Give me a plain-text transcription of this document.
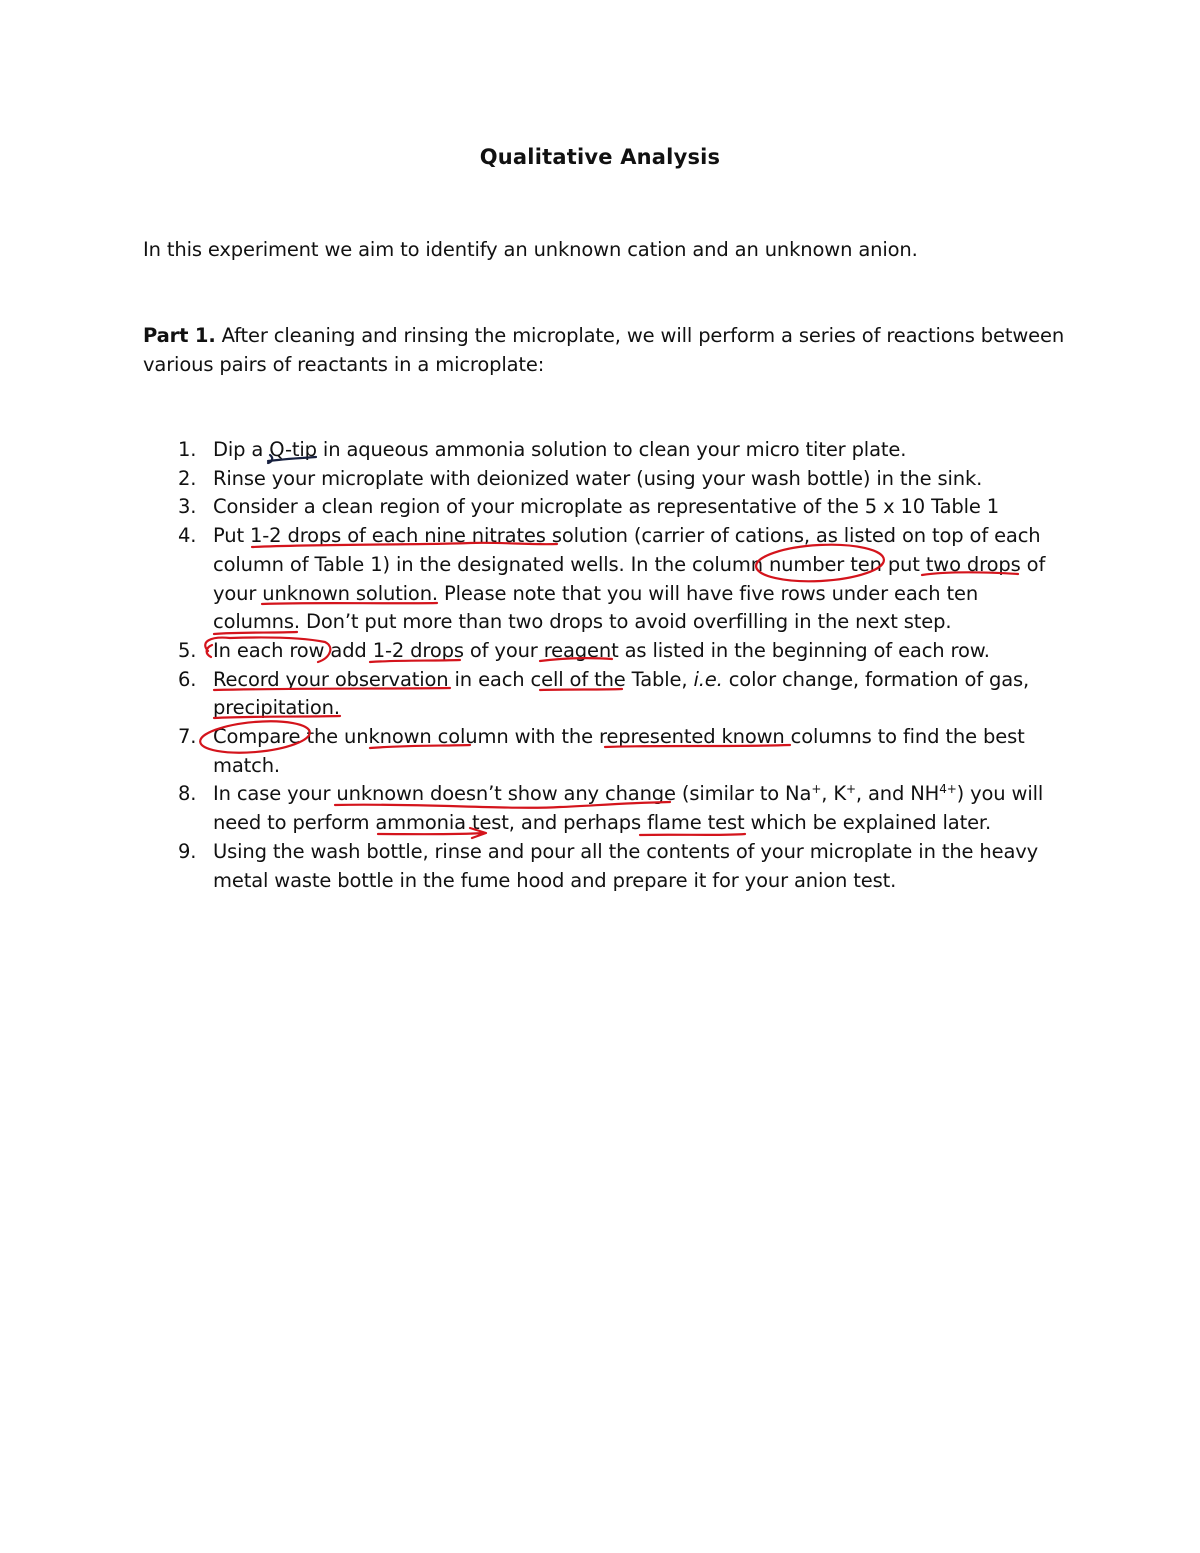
Qualitative Analysis
In this experiment we aim to identify an unknown cation and an unknown anion.
Part 1. After cleaning and rinsing the microplate, we will perform a series of reactions between various pairs of reactants in a microplate:
1. Dip a Q-tip in aqueous ammonia solution to clean your micro titer plate.
2. Rinse your microplate with deionized water (using your wash bottle) in the sink.
3. Consider a clean region of your microplate as representative of the 5 x 10 Table 1
4. Put 1-2 drops of each nine nitrates solution (carrier of cations, as listed on top of each column of Table 1) in the designated wells. In the column number ten put two drops of your unknown solution. Please note that you will have five rows under each ten columns. Don’t put more than two drops to avoid overfilling in the next step.
5. In each row add 1-2 drops of your reagent as listed in the beginning of each row.
6. Record your observation in each cell of the Table, i.e. color change, formation of gas, precipitation.
7. Compare the unknown column with the represented known columns to find the best match.
8. In case your unknown doesn’t show any change (similar to Na+, K+, and $NH^{4+}$) you will need to perform ammonia test, and perhaps flame test which be explained later.
9. Using the wash bottle, rinse and pour all the contents of your microplate in the heavy metal waste bottle in the fume hood and prepare it for your anion test.
